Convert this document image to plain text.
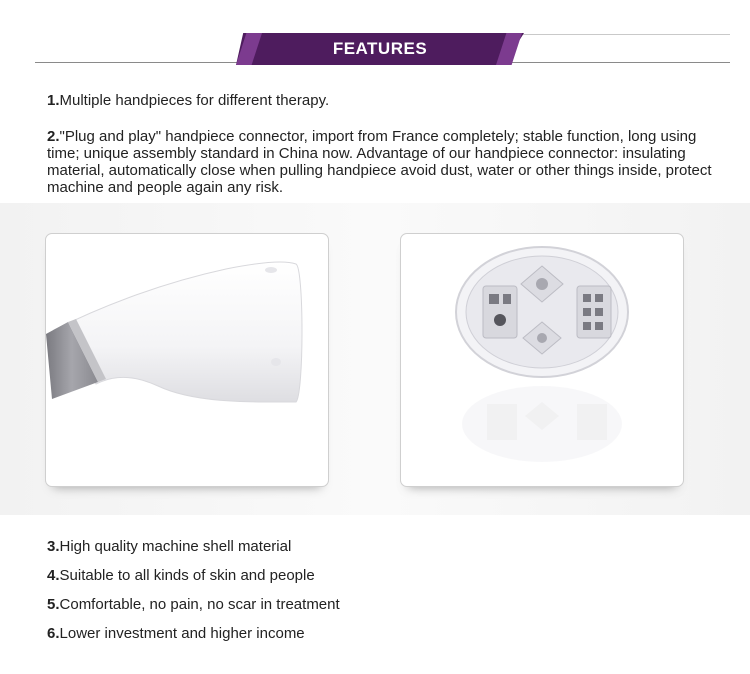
FEATURES
1.Multiple handpieces for different therapy.
2."Plug and play" handpiece connector, import from France completely; stable function, long using time; unique assembly standard in China now. Advantage of our handpiece connector: insulating material, automatically close when pulling handpiece avoid dust, water or other things inside, protect machine and people again any risk.
3.High quality machine shell material
4.Suitable to all kinds of skin and people
5.Comfortable, no pain, no scar in treatment
6.Lower investment and higher income
